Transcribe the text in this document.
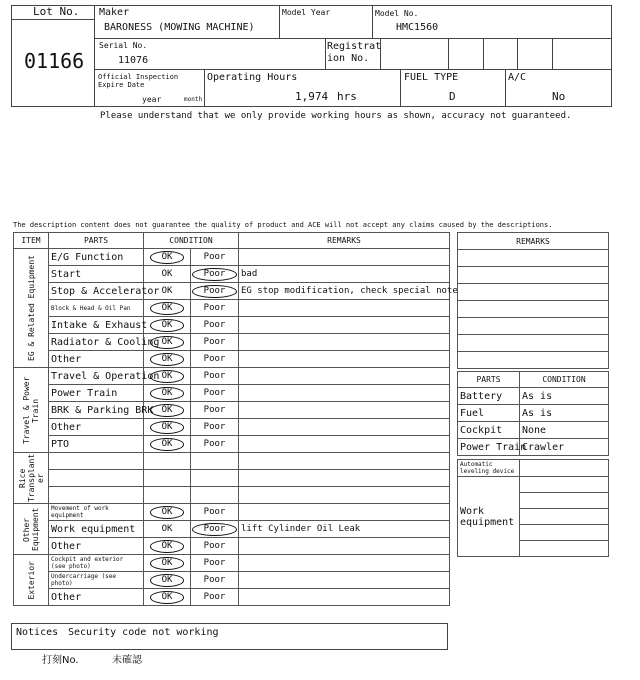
Lot No.
01166
Maker
BARONESS (MOWING MACHINE)
Model Year	Model No.
HMC1560
Serial No.
11076
Registrat ion No.
Official Inspection Expire Date
year	month
Operating Hours
1,974 hrs
FUEL TYPE
D
A/C
No
Please understand that we only provide working hours as shown, accuracy not guaranteed.
The description content does not guarantee the quality of product and ACE will not accept any claims caused by the descriptions.
ITEM	PARTS	CONDITION		REMARKS

EG & Related Equipment	E/G Function	OK	Poor	
	Start	OK	Poor	bad
	Stop & Accelerator	OK	Poor	EG stop modification, check special note
	Block & Head & Oil Pan	OK	Poor	
	Intake & Exhaust	OK	Poor	
	Radiator & Cooling	OK	Poor	
	Other	OK	Poor	

Travel & Power Train	Travel & Operation	OK	Poor	
	Power Train	OK	Poor	
	BRK & Parking BRK	OK	Poor	
	Other	OK	Poor	
	PTO	OK	Poor	

Rice Transplant er				

Other Equipment	Movement of work equipment	OK	Poor	
	Work equipment	OK	Poor	lift Cylinder Oil Leak
	Other	OK	Poor	

Exterior	Cockpit and exterior (see photo)	OK	Poor	
	Undercarriage (see photo)	OK	Poor	
	Other	OK	Poor	
REMARKS

PARTS	CONDITION
Battery	As is
Fuel	As is
Cockpit	None
Power Train	Crawler
Automatic leveling device	
Work equipment	

Notices Security code not working
打刻No.	未確認
